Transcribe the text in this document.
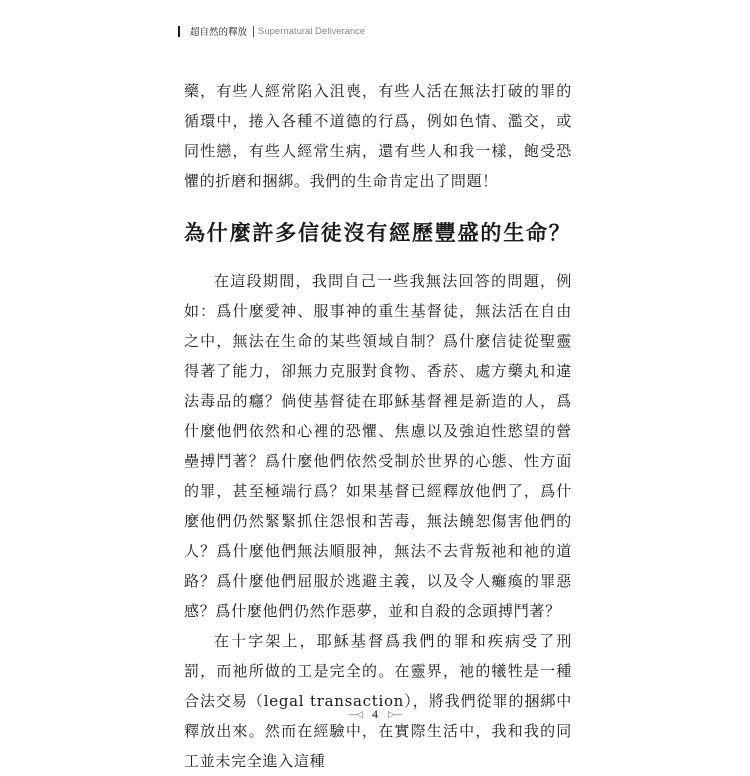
超自然的釋放 Supernatural Deliverance

藥，有些人經常陷入沮喪，有些人活在無法打破的罪的循環中，捲入各種不道德的行爲，例如色情、濫交，或同性戀，有些人經常生病，還有些人和我一樣，飽受恐懼的折磨和捆綁。我們的生命肯定出了問題！

為什麼許多信徒沒有經歷豐盛的生命？

在這段期間，我問自己一些我無法回答的問題，例如：爲什麼愛神、服事神的重生基督徒，無法活在自由之中，無法在生命的某些領域自制？爲什麼信徒從聖靈得著了能力，卻無力克服對食物、香菸、處方藥丸和違法毒品的癮？倘使基督徒在耶穌基督裡是新造的人，爲什麼他們依然和心裡的恐懼、焦慮以及強迫性慾望的營壘搏鬥著？爲什麼他們依然受制於世界的心態、性方面的罪，甚至極端行爲？如果基督已經釋放他們了，爲什麼他們仍然緊緊抓住怨恨和苦毒，無法饒恕傷害他們的人？爲什麼他們無法順服神，無法不去背叛祂和祂的道路？爲什麼他們屈服於逃避主義，以及令人癱瘓的罪惡感？爲什麼他們仍然作惡夢，並和自殺的念頭搏鬥著？

在十字架上，耶穌基督爲我們的罪和疾病受了刑罰，而祂所做的工是完全的。在靈界，祂的犧牲是一種合法交易（legal transaction），將我們從罪的捆綁中釋放出來。然而在經驗中，在實際生活中，我和我的同工並未完全進入這種

—◁ 4 ▷—
